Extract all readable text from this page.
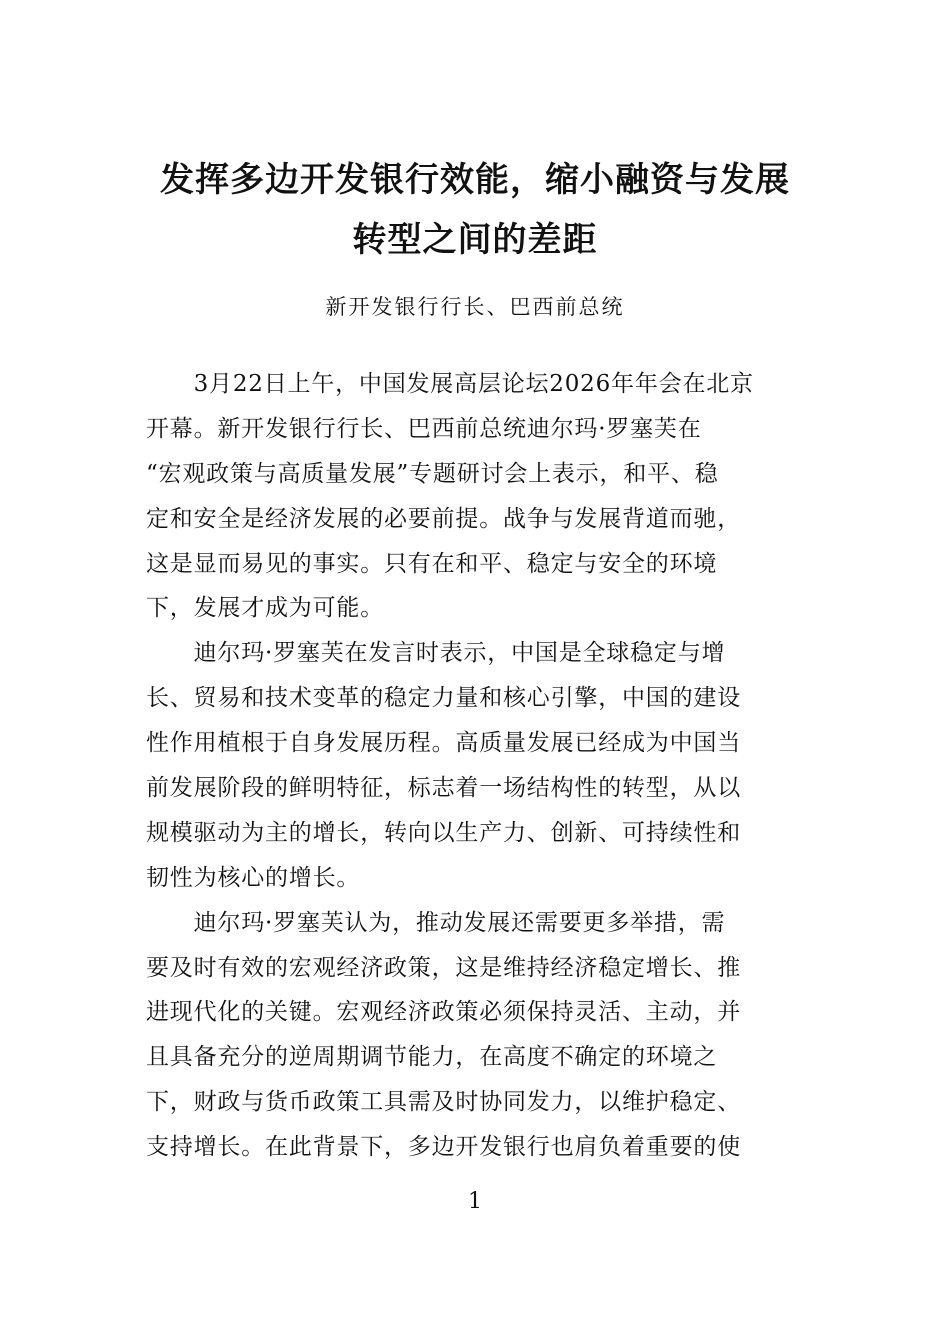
发挥多边开发银行效能，缩小融资与发展
转型之间的差距
新开发银行行长、巴西前总统
　　3月22日上午，中国发展高层论坛2026年年会在北京
开幕。新开发银行行长、巴西前总统迪尔玛·罗塞芙在
“宏观政策与高质量发展”专题研讨会上表示，和平、稳
定和安全是经济发展的必要前提。战争与发展背道而驰，
这是显而易见的事实。只有在和平、稳定与安全的环境
下，发展才成为可能。
　　迪尔玛·罗塞芙在发言时表示，中国是全球稳定与增
长、贸易和技术变革的稳定力量和核心引擎，中国的建设
性作用植根于自身发展历程。高质量发展已经成为中国当
前发展阶段的鲜明特征，标志着一场结构性的转型，从以
规模驱动为主的增长，转向以生产力、创新、可持续性和
韧性为核心的增长。
　　迪尔玛·罗塞芙认为，推动发展还需要更多举措，需
要及时有效的宏观经济政策，这是维持经济稳定增长、推
进现代化的关键。宏观经济政策必须保持灵活、主动，并
且具备充分的逆周期调节能力，在高度不确定的环境之
下，财政与货币政策工具需及时协同发力，以维护稳定、
支持增长。在此背景下，多边开发银行也肩负着重要的使
1
